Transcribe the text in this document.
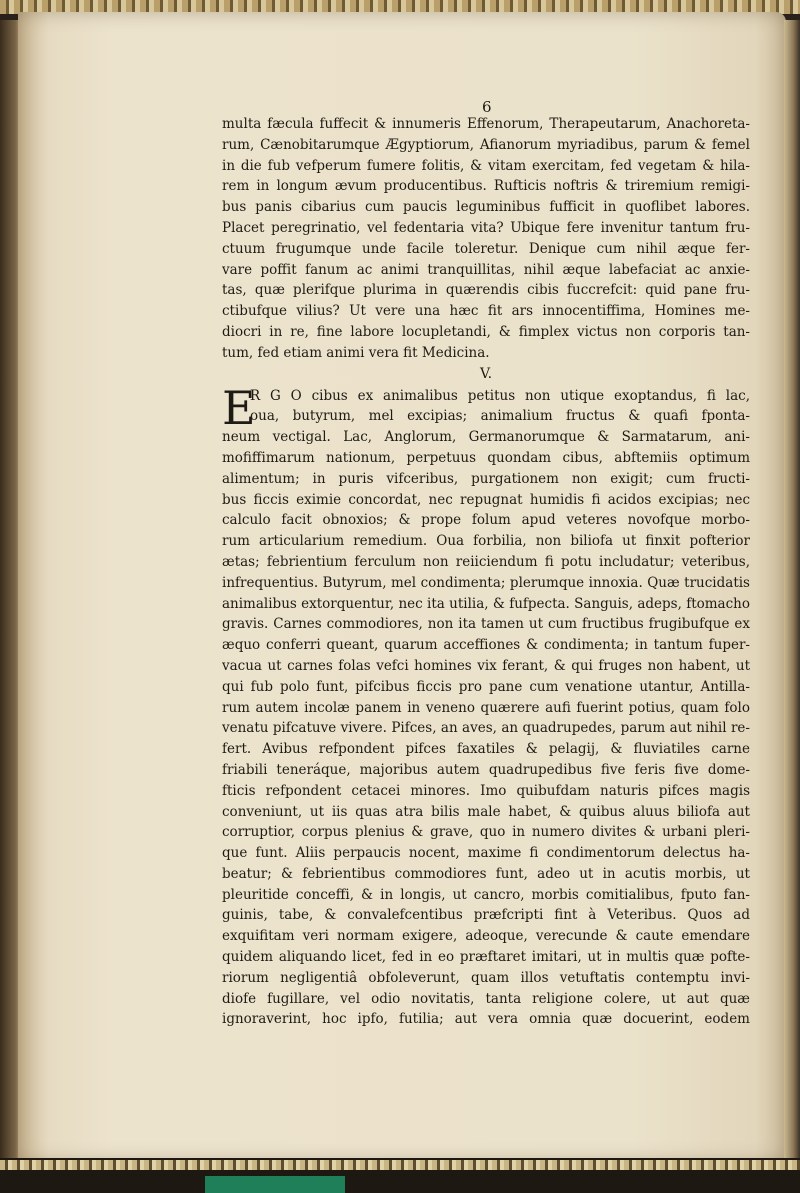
6
multa fæcula fuffecit & innumeris Effenorum, Therapeutarum, Anachoreta-
rum, Cænobitarumque Ægyptiorum, Afianorum myriadibus, parum & femel
in die fub vefperum fumere folitis, & vitam exercitam, fed vegetam & hila-
rem in longum ævum producentibus. Rufticis noftris & triremium remigi-
bus panis cibarius cum paucis leguminibus fufficit in quoflibet labores.
Placet peregrinatio, vel fedentaria vita? Ubique fere invenitur tantum fru-
ctuum frugumque unde facile toleretur. Denique cum nihil æque fer-
vare poffit fanum ac animi tranquillitas, nihil æque labefaciat ac anxie-
tas, quæ plerifque plurima in quærendis cibis fuccrefcit: quid pane fru-
ctibufque vilius? Ut vere una hæc fit ars innocentiffima, Homines me-
diocri in re, fine labore locupletandi, & fimplex victus non corporis tan-
tum, fed etiam animi vera fit Medicina.
V.
E
R G O cibus ex animalibus petitus non utique exoptandus, fi lac,
oua, butyrum, mel excipias; animalium fructus & quafi fponta-
neum vectigal. Lac, Anglorum, Germanorumque & Sarmatarum, ani-
mofiffimarum nationum, perpetuus quondam cibus, abftemiis optimum
alimentum; in puris vifceribus, purgationem non exigit; cum fructi-
bus ficcis eximie concordat, nec repugnat humidis fi acidos excipias; nec
calculo facit obnoxios; & prope folum apud veteres novofque morbo-
rum articularium remedium. Oua forbilia, non biliofa ut finxit pofterior
ætas; febrientium ferculum non reiiciendum fi potu includatur; veteribus,
infrequentius. Butyrum, mel condimenta; plerumque innoxia. Quæ trucidatis
animalibus extorquentur, nec ita utilia, & fufpecta. Sanguis, adeps, ftomacho
gravis. Carnes commodiores, non ita tamen ut cum fructibus frugibufque ex
æquo conferri queant, quarum acceffiones & condimenta; in tantum fuper-
vacua ut carnes folas vefci homines vix ferant, & qui fruges non habent, ut
qui fub polo funt, pifcibus ficcis pro pane cum venatione utantur, Antilla-
rum autem incolæ panem in veneno quærere aufi fuerint potius, quam folo
venatu pifcatuve vivere. Pifces, an aves, an quadrupedes, parum aut nihil re-
fert. Avibus refpondent pifces faxatiles & pelagij, & fluviatiles carne
friabili teneráque, majoribus autem quadrupedibus five feris five dome-
fticis refpondent cetacei minores. Imo quibufdam naturis pifces magis
conveniunt, ut iis quas atra bilis male habet, & quibus aluus biliofa aut
corruptior, corpus plenius & grave, quo in numero divites & urbani pleri-
que funt. Aliis perpaucis nocent, maxime fi condimentorum delectus ha-
beatur; & febrientibus commodiores funt, adeo ut in acutis morbis, ut
pleuritide conceffi, & in longis, ut cancro, morbis comitialibus, fputo fan-
guinis, tabe, & convalefcentibus præfcripti fint à Veteribus. Quos ad
exquifitam veri normam exigere, adeoque, verecunde & caute emendare
quidem aliquando licet, fed in eo præftaret imitari, ut in multis quæ pofte-
riorum negligentiâ obfoleverunt, quam illos vetuftatis contemptu invi-
diofe fugillare, vel odio novitatis, tanta religione colere, ut aut quæ
ignoraverint, hoc ipfo, futilia; aut vera omnia quæ docuerint, eodem
